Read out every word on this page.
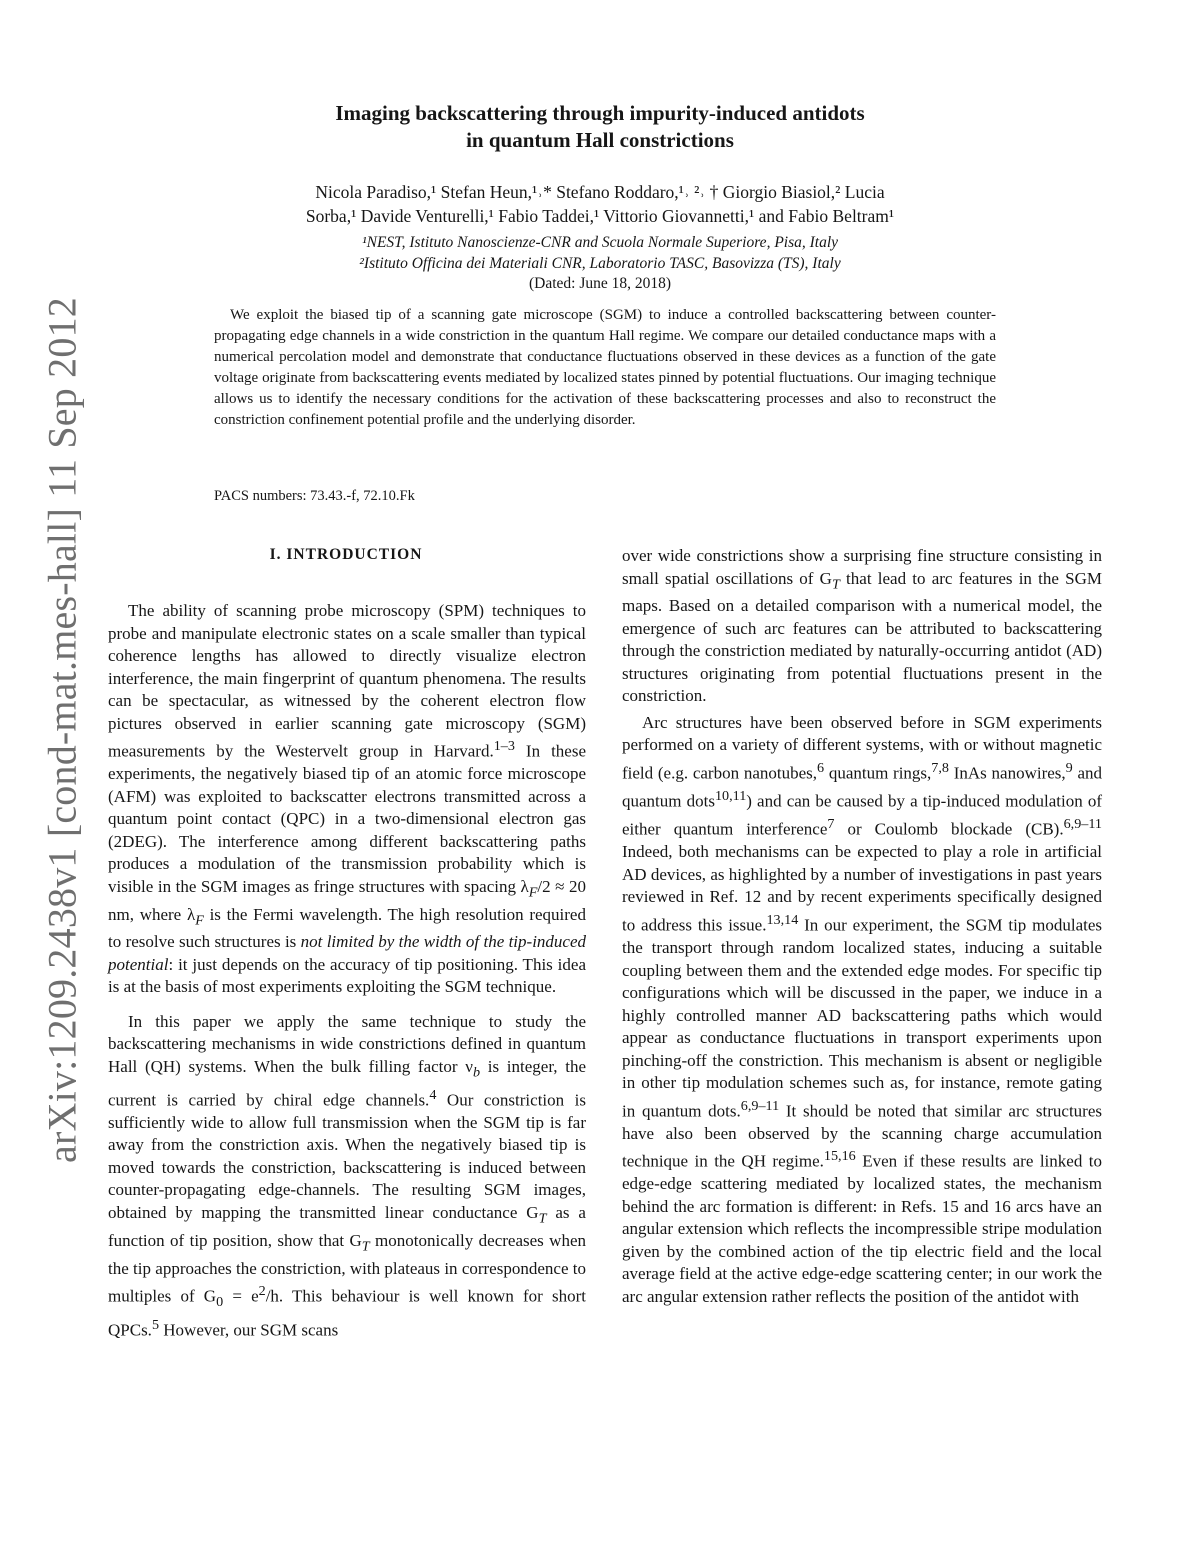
arXiv:1209.2438v1 [cond-mat.mes-hall] 11 Sep 2012
Imaging backscattering through impurity-induced antidots
in quantum Hall constrictions
Nicola Paradiso,¹ Stefan Heun,¹˒* Stefano Roddaro,¹˒ ²˒ † Giorgio Biasiol,² Lucia
Sorba,¹ Davide Venturelli,¹ Fabio Taddei,¹ Vittorio Giovannetti,¹ and Fabio Beltram¹
¹NEST, Istituto Nanoscienze-CNR and Scuola Normale Superiore, Pisa, Italy
²Istituto Officina dei Materiali CNR, Laboratorio TASC, Basovizza (TS), Italy
(Dated: June 18, 2018)
We exploit the biased tip of a scanning gate microscope (SGM) to induce a controlled backscattering between counter-propagating edge channels in a wide constriction in the quantum Hall regime. We compare our detailed conductance maps with a numerical percolation model and demonstrate that conductance fluctuations observed in these devices as a function of the gate voltage originate from backscattering events mediated by localized states pinned by potential fluctuations. Our imaging technique allows us to identify the necessary conditions for the activation of these backscattering processes and also to reconstruct the constriction confinement potential profile and the underlying disorder.
PACS numbers: 73.43.-f, 72.10.Fk
I. INTRODUCTION

The ability of scanning probe microscopy (SPM) techniques to probe and manipulate electronic states on a scale smaller than typical coherence lengths has allowed to directly visualize electron interference, the main fingerprint of quantum phenomena. The results can be spectacular, as witnessed by the coherent electron flow pictures observed in earlier scanning gate microscopy (SGM) measurements by the Westervelt group in Harvard.$^{1-3}$ In these experiments, the negatively biased tip of an atomic force microscope (AFM) was exploited to backscatter electrons transmitted across a quantum point contact (QPC) in a two-dimensional electron gas (2DEG). The interference among different backscattering paths produces a modulation of the transmission probability which is visible in the SGM images as fringe structures with spacing $\lambda_F/2 \approx 20$ nm, where $\lambda_F$ is the Fermi wavelength. The high resolution required to resolve such structures is not limited by the width of the tip-induced potential: it just depends on the accuracy of tip positioning. This idea is at the basis of most experiments exploiting the SGM technique.

In this paper we apply the same technique to study the backscattering mechanisms in wide constrictions defined in quantum Hall (QH) systems. When the bulk filling factor $\nu_b$ is integer, the current is carried by chiral edge channels.$^4$ Our constriction is sufficiently wide to allow full transmission when the SGM tip is far away from the constriction axis. When the negatively biased tip is moved towards the constriction, backscattering is induced between counter-propagating edge-channels. The resulting SGM images, obtained by mapping the transmitted linear conductance $G_T$ as a function of tip position, show that $G_T$ monotonically decreases when the tip approaches the constriction, with plateaus in correspondence to multiples of $G_0 = e^2/h$. This behaviour is well known for short QPCs.$^5$ However, our SGM scans

over wide constrictions show a surprising fine structure consisting in small spatial oscillations of $G_T$ that lead to arc features in the SGM maps. Based on a detailed comparison with a numerical model, the emergence of such arc features can be attributed to backscattering through the constriction mediated by naturally-occurring antidot (AD) structures originating from potential fluctuations present in the constriction.

Arc structures have been observed before in SGM experiments performed on a variety of different systems, with or without magnetic field (e.g. carbon nanotubes,$^6$ quantum rings,$^{7,8}$ InAs nanowires,$^9$ and quantum dots$^{10,11}$) and can be caused by a tip-induced modulation of either quantum interference$^7$ or Coulomb blockade (CB).$^{6,9-11}$ Indeed, both mechanisms can be expected to play a role in artificial AD devices, as highlighted by a number of investigations in past years reviewed in Ref. 12 and by recent experiments specifically designed to address this issue.$^{13,14}$ In our experiment, the SGM tip modulates the transport through random localized states, inducing a suitable coupling between them and the extended edge modes. For specific tip configurations which will be discussed in the paper, we induce in a highly controlled manner AD backscattering paths which would appear as conductance fluctuations in transport experiments upon pinching-off the constriction. This mechanism is absent or negligible in other tip modulation schemes such as, for instance, remote gating in quantum dots.$^{6,9-11}$ It should be noted that similar arc structures have also been observed by the scanning charge accumulation technique in the QH regime.$^{15,16}$ Even if these results are linked to edge-edge scattering mediated by localized states, the mechanism behind the arc formation is different: in Refs. 15 and 16 arcs have an angular extension which reflects the incompressible stripe modulation given by the combined action of the tip electric field and the local average field at the active edge-edge scattering center; in our work the arc angular extension rather reflects the position of the antidot with
